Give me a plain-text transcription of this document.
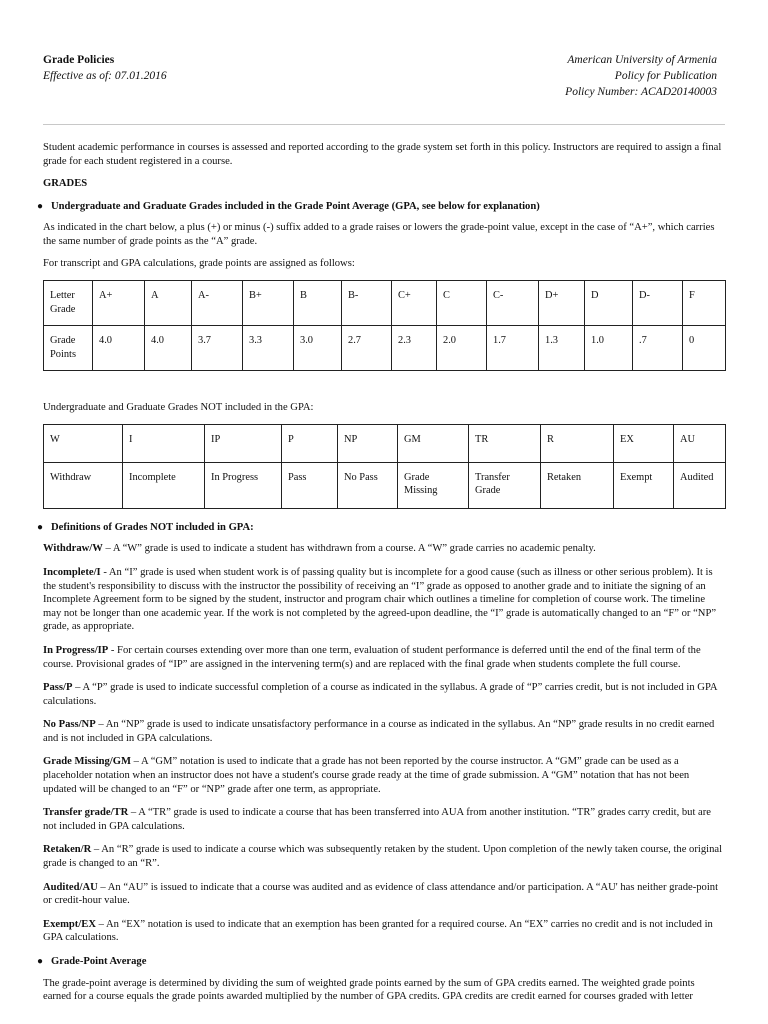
Grade Policies
Effective as of: 07.01.2016
American University of Armenia
Policy for Publication
Policy Number: ACAD20140003

Student academic performance in courses is assessed and reported according to the grade system set forth in this policy. Instructors are required to assign a final grade for each student registered in a course.

GRADES

● Undergraduate and Graduate Grades included in the Grade Point Average (GPA, see below for explanation)

As indicated in the chart below, a plus (+) or minus (-) suffix added to a grade raises or lowers the grade-point value, except in the case of “A+”, which carries the same number of grade points as the “A” grade.

For transcript and GPA calculations, grade points are assigned as follows:

Letter Grade	A+	A	A-	B+	B	B-	C+	C	C-	D+	D	D-	F
Grade Points	4.0	4.0	3.7	3.3	3.0	2.7	2.3	2.0	1.7	1.3	1.0	.7	0

Undergraduate and Graduate Grades NOT included in the GPA:

W	I	IP	P	NP	GM	TR	R	EX	AU
Withdraw	Incomplete	In Progress	Pass	No Pass	Grade Missing	Transfer Grade	Retaken	Exempt	Audited

● Definitions of Grades NOT included in GPA:

Withdraw/W – A “W” grade is used to indicate a student has withdrawn from a course. A “W” grade carries no academic penalty.

Incomplete/I - An “I” grade is used when student work is of passing quality but is incomplete for a good cause (such as illness or other serious problem). It is the student's responsibility to discuss with the instructor the possibility of receiving an “I” grade as opposed to another grade and to initiate the signing of an Incomplete Agreement form to be signed by the student, instructor and program chair which outlines a timeline for completion of course work. The timeline may not be longer than one academic year. If the work is not completed by the agreed-upon deadline, the “I” grade is automatically changed to an “F” or “NP” grade, as appropriate.

In Progress/IP - For certain courses extending over more than one term, evaluation of student performance is deferred until the end of the final term of the course. Provisional grades of “IP” are assigned in the intervening term(s) and are replaced with the final grade when students complete the full course.

Pass/P – A “P” grade is used to indicate successful completion of a course as indicated in the syllabus. A grade of “P” carries credit, but is not included in GPA calculations.

No Pass/NP – An “NP” grade is used to indicate unsatisfactory performance in a course as indicated in the syllabus. An “NP” grade results in no credit earned and is not included in GPA calculations.

Grade Missing/GM – A “GM” notation is used to indicate that a grade has not been reported by the course instructor. A “GM” grade can be used as a placeholder notation when an instructor does not have a student's course grade ready at the time of grade submission. A “GM” notation that has not been updated will be changed to an “F” or “NP” grade after one term, as appropriate.

Transfer grade/TR – A “TR” grade is used to indicate a course that has been transferred into AUA from another institution. “TR” grades carry credit, but are not included in GPA calculations.

Retaken/R – An “R” grade is used to indicate a course which was subsequently retaken by the student. Upon completion of the newly taken course, the original grade is changed to an “R”.

Audited/AU – An “AU” is issued to indicate that a course was audited and as evidence of class attendance and/or participation. A “AU' has neither grade-point or credit-hour value.

Exempt/EX – An “EX” notation is used to indicate that an exemption has been granted for a required course. An “EX” carries no credit and is not included in GPA calculations.

● Grade-Point Average

The grade-point average is determined by dividing the sum of weighted grade points earned by the sum of GPA credits earned. The weighted grade points earned for a course equals the grade points awarded multiplied by the number of GPA credits. GPA credits are credit earned for courses graded with letter
